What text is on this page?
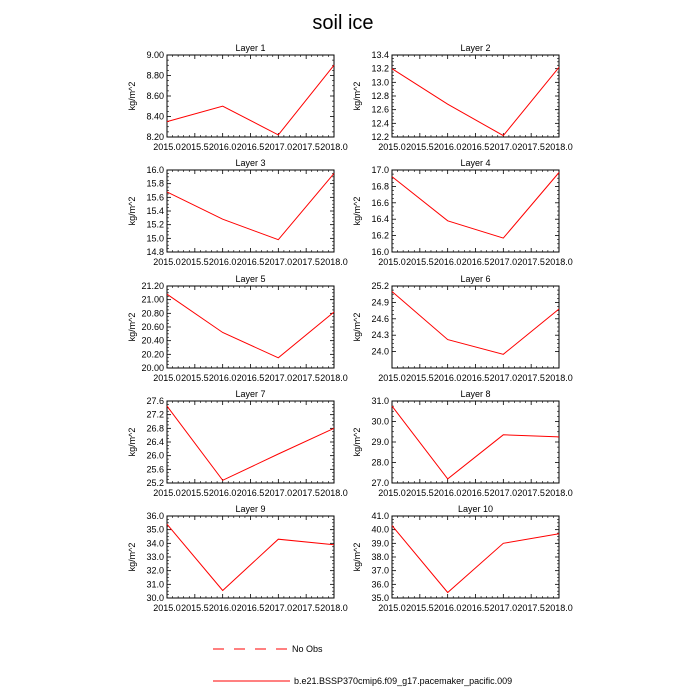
soil ice
Layer 1
kg/m^2
2015.0 2015.5 2016.0 2016.5 2017.0 2017.5 2018.0
8.20
8.40
8.60
8.80
9.00
Layer 2
kg/m^2
2015.0 2015.5 2016.0 2016.5 2017.0 2017.5 2018.0
12.2
12.4
12.6
12.8
13.0
13.2
13.4
Layer 3
kg/m^2
2015.0 2015.5 2016.0 2016.5 2017.0 2017.5 2018.0
14.8
15.0
15.2
15.4
15.6
15.8
16.0
Layer 4
kg/m^2
2015.0 2015.5 2016.0 2016.5 2017.0 2017.5 2018.0
16.0
16.2
16.4
16.6
16.8
17.0
Layer 5
kg/m^2
2015.0 2015.5 2016.0 2016.5 2017.0 2017.5 2018.0
20.00
20.20
20.40
20.60
20.80
21.00
21.20
Layer 6
kg/m^2
2015.0 2015.5 2016.0 2016.5 2017.0 2017.5 2018.0
24.0
24.3
24.6
24.9
25.2
Layer 7
kg/m^2
2015.0 2015.5 2016.0 2016.5 2017.0 2017.5 2018.0
25.2
25.6
26.0
26.4
26.8
27.2
27.6
Layer 8
kg/m^2
2015.0 2015.5 2016.0 2016.5 2017.0 2017.5 2018.0
27.0
28.0
29.0
30.0
31.0
Layer 9
kg/m^2
2015.0 2015.5 2016.0 2016.5 2017.0 2017.5 2018.0
30.0
31.0
32.0
33.0
34.0
35.0
36.0
Layer 10
kg/m^2
2015.0 2015.5 2016.0 2016.5 2017.0 2017.5 2018.0
35.0
36.0
37.0
38.0
39.0
40.0
41.0
No Obs
b.e21.BSSP370cmip6.f09_g17.pacemaker_pacific.009
